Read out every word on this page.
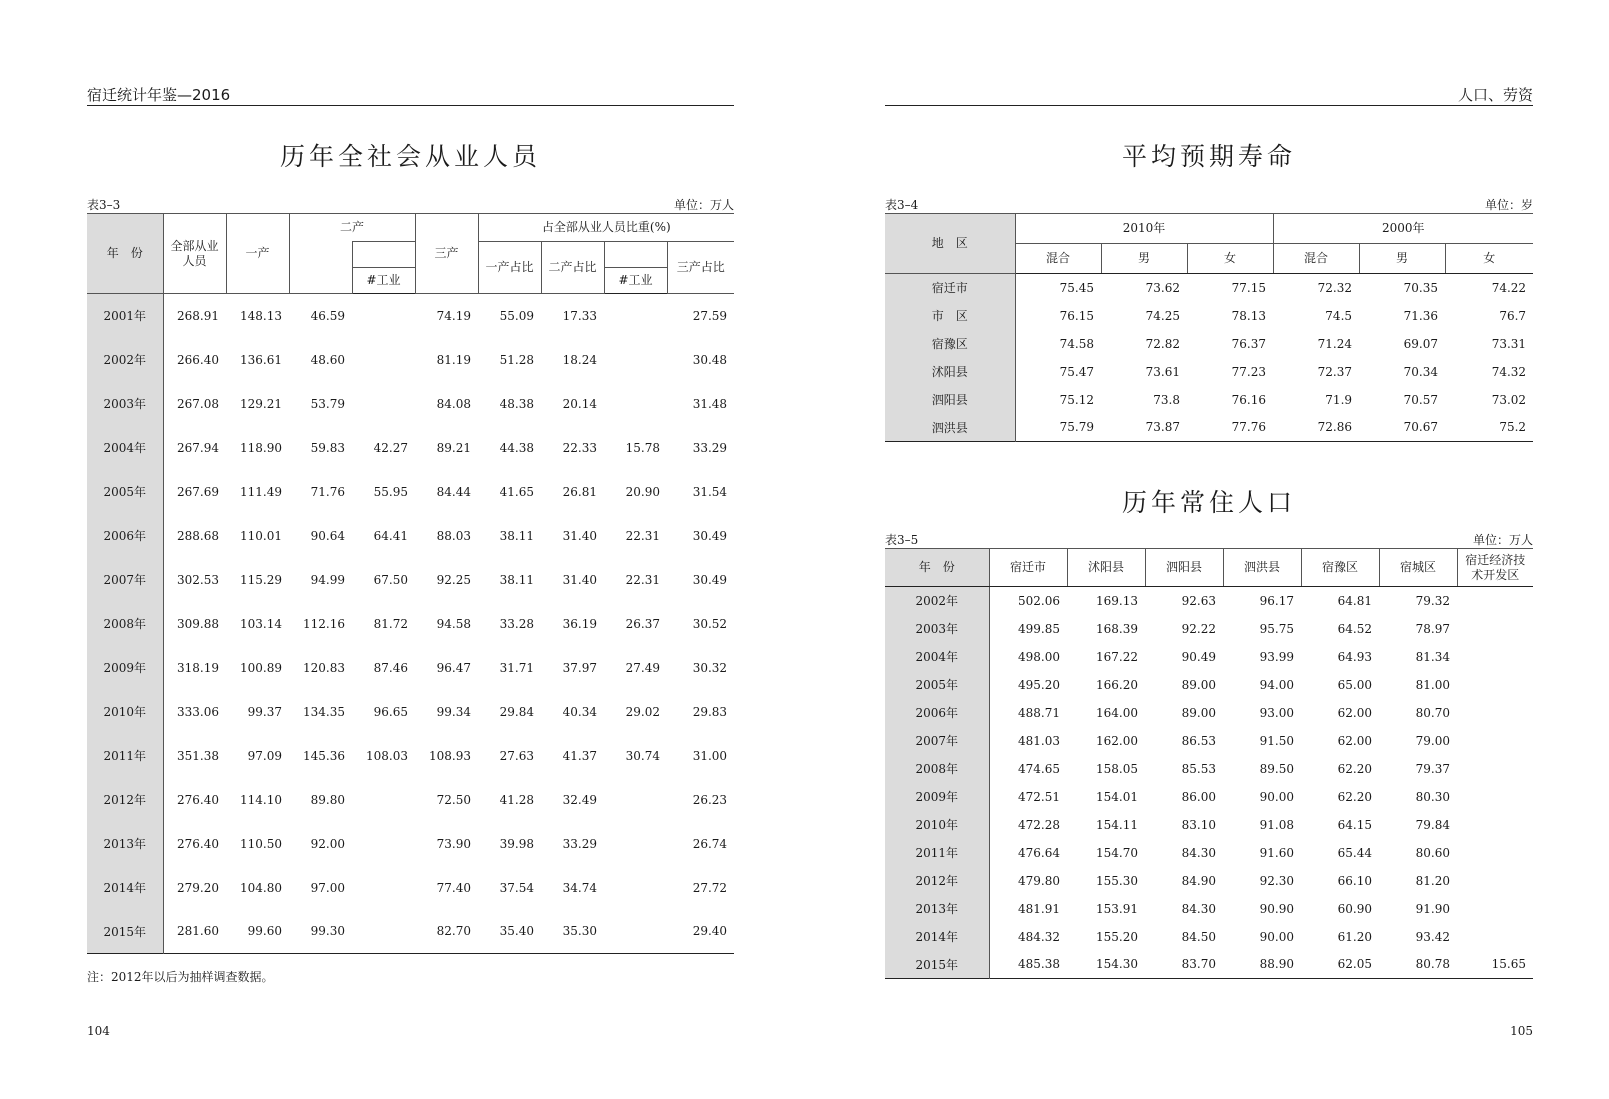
宿迁统计年鉴—2016
历年全社会从业人员
表3–3	单位：万人
年　份	全部从业人员	一产	二产		三产	占全部从业人员比重(%)			
						一产占比	二产占比		三产占比
				#工业				#工业	
2001年	268.91	148.13	46.59		74.19	55.09	17.33		27.59
2002年	266.40	136.61	48.60		81.19	51.28	18.24		30.48
2003年	267.08	129.21	53.79		84.08	48.38	20.14		31.48
2004年	267.94	118.90	59.83	42.27	89.21	44.38	22.33	15.78	33.29
2005年	267.69	111.49	71.76	55.95	84.44	41.65	26.81	20.90	31.54
2006年	288.68	110.01	90.64	64.41	88.03	38.11	31.40	22.31	30.49
2007年	302.53	115.29	94.99	67.50	92.25	38.11	31.40	22.31	30.49
2008年	309.88	103.14	112.16	81.72	94.58	33.28	36.19	26.37	30.52
2009年	318.19	100.89	120.83	87.46	96.47	31.71	37.97	27.49	30.32
2010年	333.06	99.37	134.35	96.65	99.34	29.84	40.34	29.02	29.83
2011年	351.38	97.09	145.36	108.03	108.93	27.63	41.37	30.74	31.00
2012年	276.40	114.10	89.80		72.50	41.28	32.49		26.23
2013年	276.40	110.50	92.00		73.90	39.98	33.29		26.74
2014年	279.20	104.80	97.00		77.40	37.54	34.74		27.72
2015年	281.60	99.60	99.30		82.70	35.40	35.30		29.40
注：2012年以后为抽样调查数据。
104
人口、劳资
平均预期寿命
表3–4	单位：岁
地　区	2010年			2000年		
	混合	男	女	混合	男	女
宿迁市	75.45	73.62	77.15	72.32	70.35	74.22
市　区	76.15	74.25	78.13	74.5	71.36	76.7
宿豫区	74.58	72.82	76.37	71.24	69.07	73.31
沭阳县	75.47	73.61	77.23	72.37	70.34	74.32
泗阳县	75.12	73.8	76.16	71.9	70.57	73.02
泗洪县	75.79	73.87	77.76	72.86	70.67	75.2
历年常住人口
表3–5	单位：万人
年　份	宿迁市	沭阳县	泗阳县	泗洪县	宿豫区	宿城区	宿迁经济技术开发区
2002年	502.06	169.13	92.63	96.17	64.81	79.32	
2003年	499.85	168.39	92.22	95.75	64.52	78.97	
2004年	498.00	167.22	90.49	93.99	64.93	81.34	
2005年	495.20	166.20	89.00	94.00	65.00	81.00	
2006年	488.71	164.00	89.00	93.00	62.00	80.70	
2007年	481.03	162.00	86.53	91.50	62.00	79.00	
2008年	474.65	158.05	85.53	89.50	62.20	79.37	
2009年	472.51	154.01	86.00	90.00	62.20	80.30	
2010年	472.28	154.11	83.10	91.08	64.15	79.84	
2011年	476.64	154.70	84.30	91.60	65.44	80.60	
2012年	479.80	155.30	84.90	92.30	66.10	81.20	
2013年	481.91	153.91	84.30	90.90	60.90	91.90	
2014年	484.32	155.20	84.50	90.00	61.20	93.42	
2015年	485.38	154.30	83.70	88.90	62.05	80.78	15.65
105
